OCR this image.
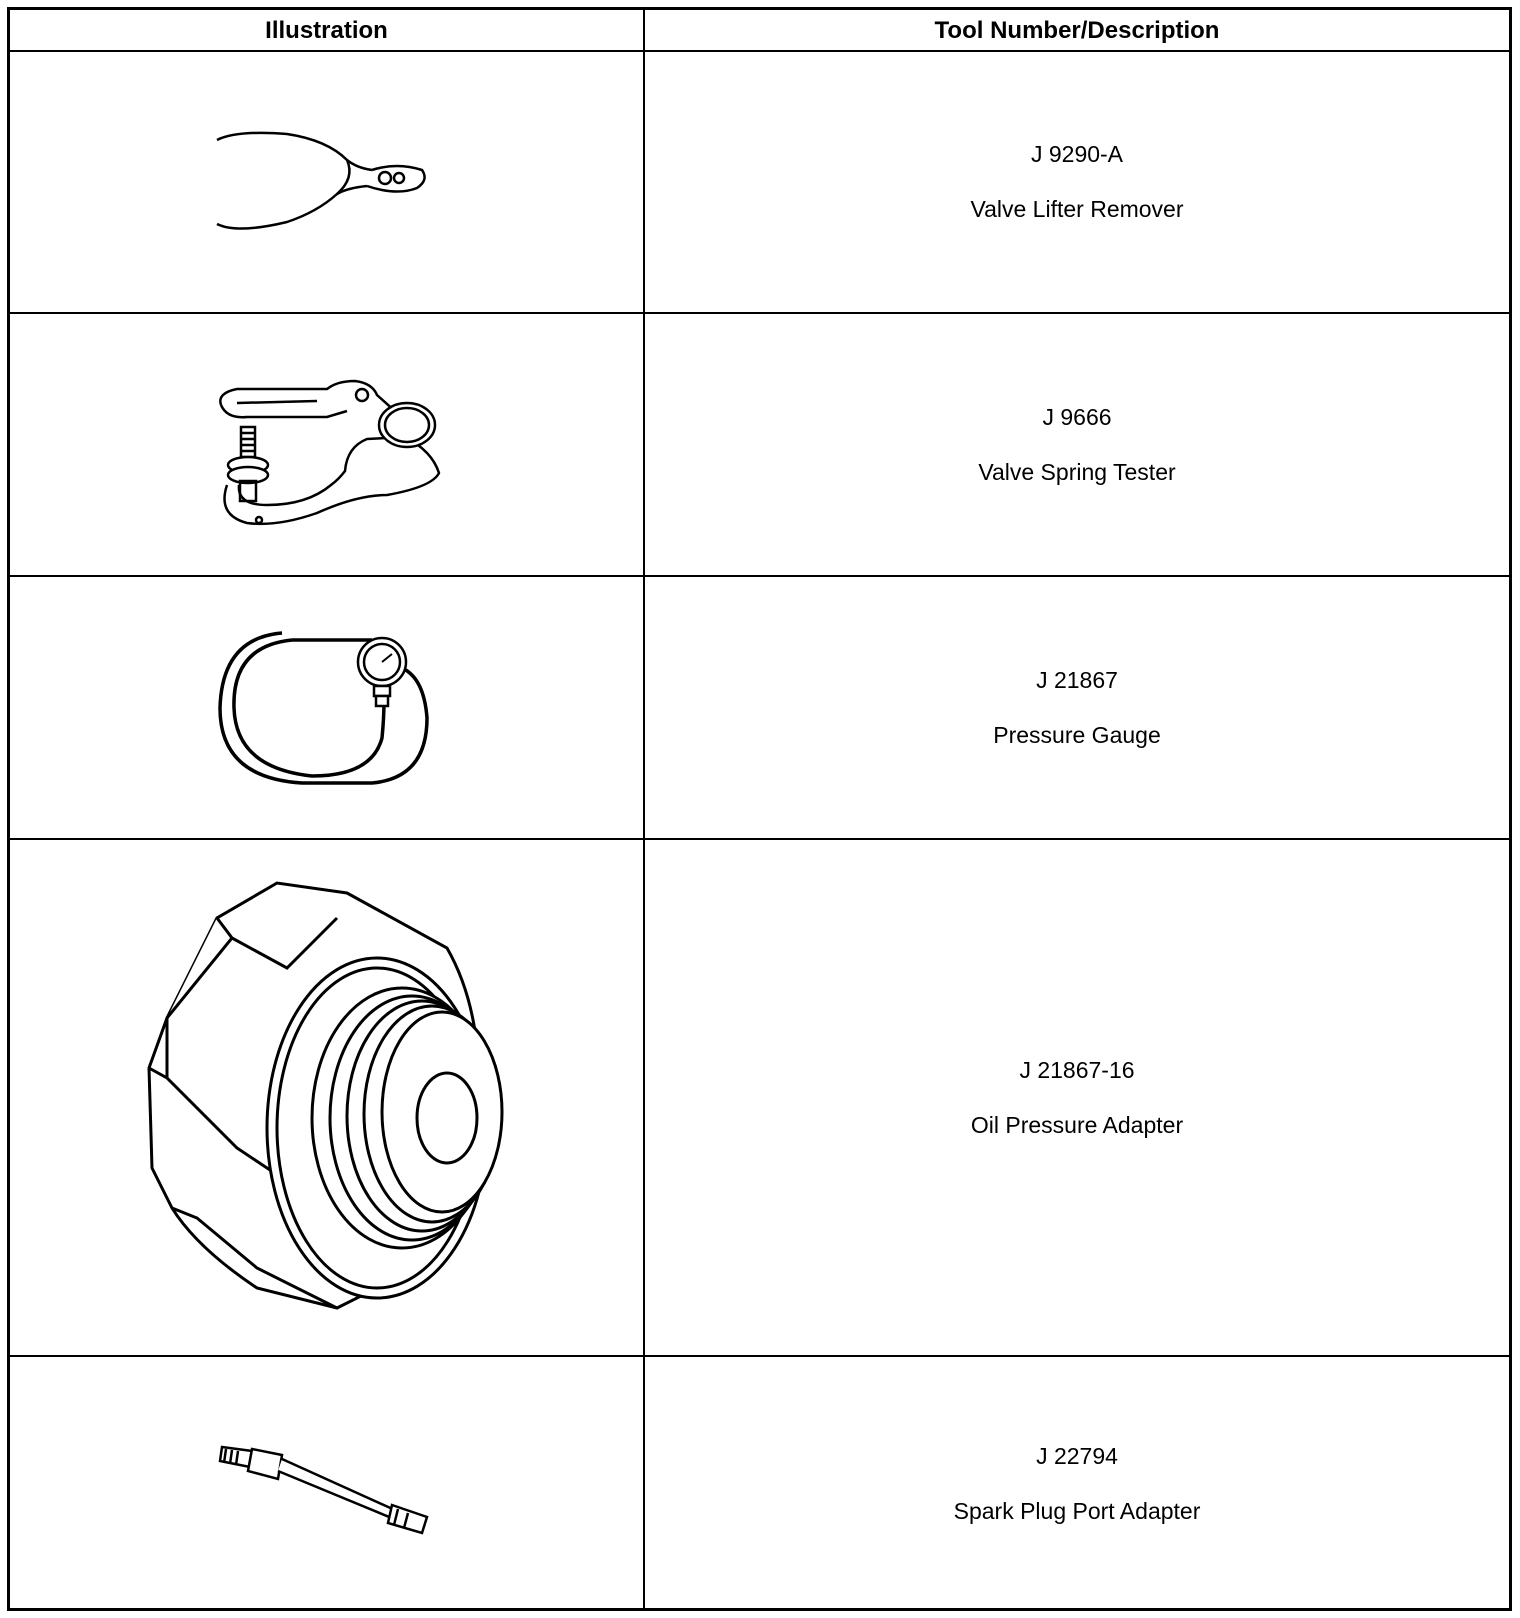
Illustration	Tool Number/Description
J 9290-A
Valve Lifter Remover
J 9666
Valve Spring Tester
J 21867
Pressure Gauge
J 21867-16
Oil Pressure Adapter
J 22794
Spark Plug Port Adapter
